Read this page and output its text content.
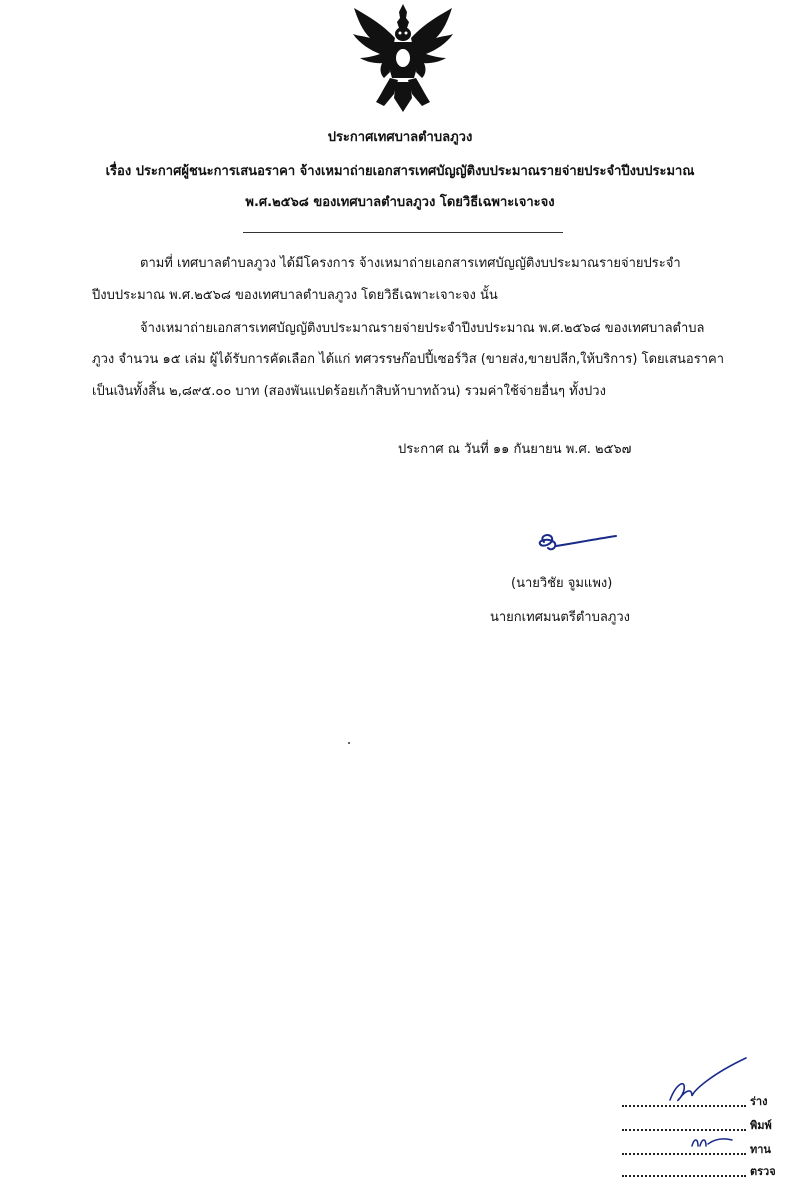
ประกาศเทศบาลตำบลภูวง
เรื่อง ประกาศผู้ชนะการเสนอราคา จ้างเหมาถ่ายเอกสารเทศบัญญัติงบประมาณรายจ่ายประจำปีงบประมาณ
พ.ศ.๒๕๖๘ ของเทศบาลตำบลภูวง โดยวิธีเฉพาะเจาะจง
ตามที่ เทศบาลตำบลภูวง ได้มีโครงการ จ้างเหมาถ่ายเอกสารเทศบัญญัติงบประมาณรายจ่ายประจำ
ปีงบประมาณ พ.ศ.๒๕๖๘ ของเทศบาลตำบลภูวง โดยวิธีเฉพาะเจาะจง นั้น
จ้างเหมาถ่ายเอกสารเทศบัญญัติงบประมาณรายจ่ายประจำปีงบประมาณ พ.ศ.๒๕๖๘ ของเทศบาลตำบล
ภูวง จำนวน ๑๕ เล่ม ผู้ได้รับการคัดเลือก ได้แก่ ทศวรรษก๊อปปี้เซอร์วิส (ขายส่ง,ขายปลีก,ให้บริการ) โดยเสนอราคา
เป็นเงินทั้งสิ้น ๒,๘๙๕.๐๐ บาท (สองพันแปดร้อยเก้าสิบห้าบาทถ้วน) รวมค่าใช้จ่ายอื่นๆ ทั้งปวง
ประกาศ ณ วันที่ ๑๑ กันยายน พ.ศ. ๒๕๖๗
(นายวิชัย จูมแพง)
นายกเทศมนตรีตำบลภูวง
ร่าง
พิมพ์
ทาน
ตรวจ
